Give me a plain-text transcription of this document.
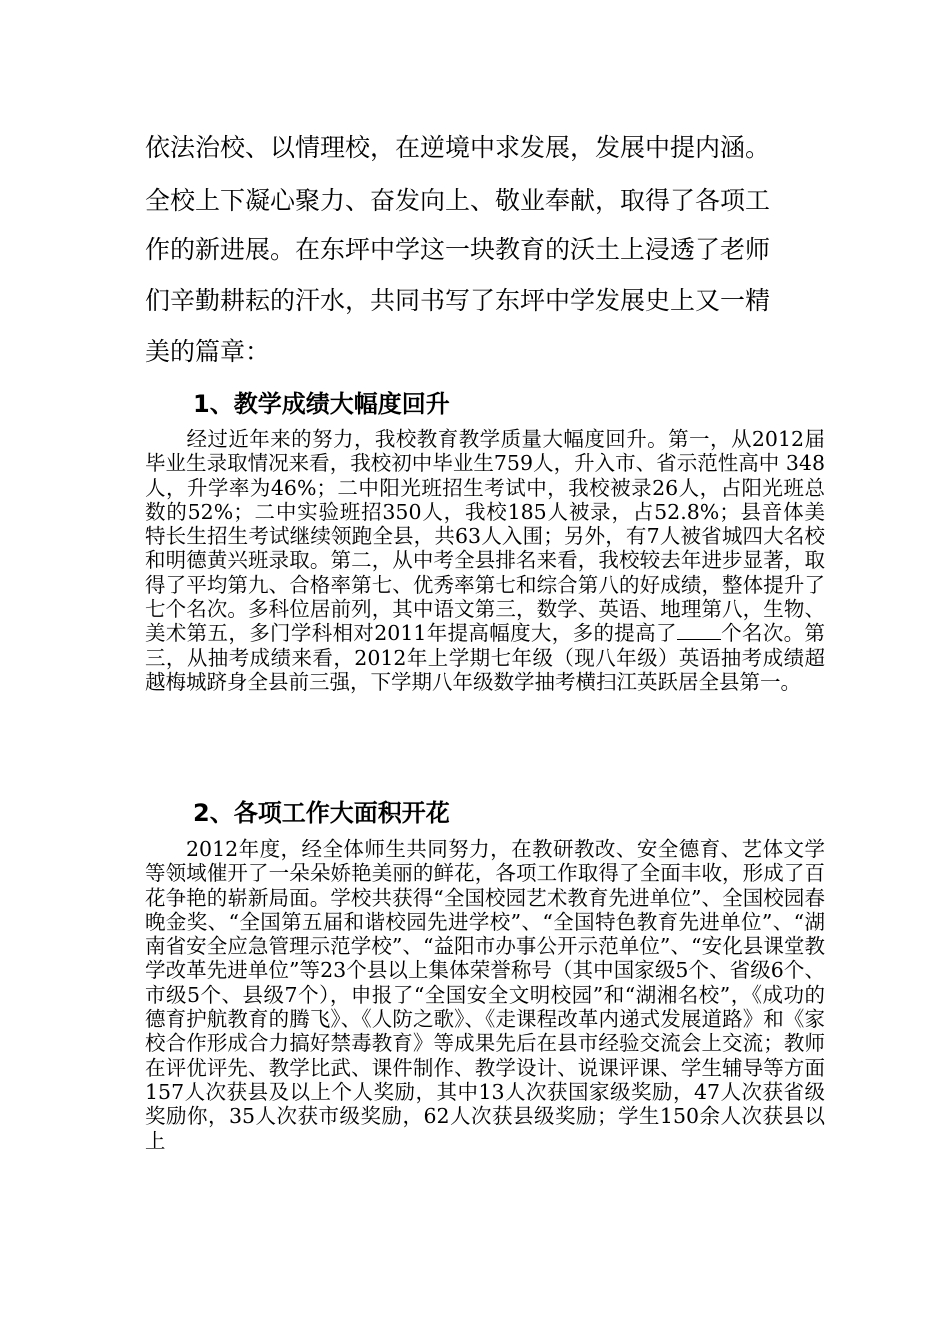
依法治校、以情理校，在逆境中求发展，发展中提内涵。
全校上下凝心聚力、奋发向上、敬业奉献，取得了各项工
作的新进展。在东坪中学这一块教育的沃土上浸透了老师
们辛勤耕耘的汗水，共同书写了东坪中学发展史上又一精
美的篇章：
1、教学成绩大幅度回升

经过近年来的努力，我校教育教学质量大幅度回升。第一，从2012届毕业生录取情况来看，我校初中毕业生759人，升入市、省示范性高中 348人，升学率为46%；二中阳光班招生考试中，我校被录26人，占阳光班总数的52%；二中实验班招350人，我校185人被录，占52.8%；县音体美特长生招生考试继续领跑全县，共63人入围；另外，有7人被省城四大名校和明德黄兴班录取。第二，从中考全县排名来看，我校较去年进步显著，取得了平均第九、合格率第七、优秀率第七和综合第八的好成绩，整体提升了七个名次。多科位居前列，其中语文第三，数学、英语、地理第八，生物、美术第五，多门学科相对2011年提高幅度大，多的提高了 个名次。第三，从抽考成绩来看，2012年上学期七年级（现八年级）英语抽考成绩超越梅城跻身全县前三强，下学期八年级数学抽考横扫江英跃居全县第一。

2、各项工作大面积开花

2012年度，经全体师生共同努力，在教研教改、安全德育、艺体文学等领域催开了一朵朵娇艳美丽的鲜花，各项工作取得了全面丰收，形成了百花争艳的崭新局面。学校共获得“全国校园艺术教育先进单位”、全国校园春晚金奖、“全国第五届和谐校园先进学校”、“全国特色教育先进单位”、“湖南省安全应急管理示范学校”、“益阳市办事公开示范单位”、“安化县课堂教学改革先进单位”等23个县以上集体荣誉称号（其中国家级5个、省级6个、市级5个、县级7个），申报了“全国安全文明校园”和“湖湘名校”，《成功的德育护航教育的腾飞》、《人防之歌》、《走课程改革内递式发展道路》和《家校合作形成合力搞好禁毒教育》等成果先后在县市经验交流会上交流；教师在评优评先、教学比武、课件制作、教学设计、说课评课、学生辅导等方面157人次获县及以上个人奖励，其中13人次获国家级奖励，47人次获省级奖励你，35人次获市级奖励，62人次获县级奖励；学生150余人次获县以上
